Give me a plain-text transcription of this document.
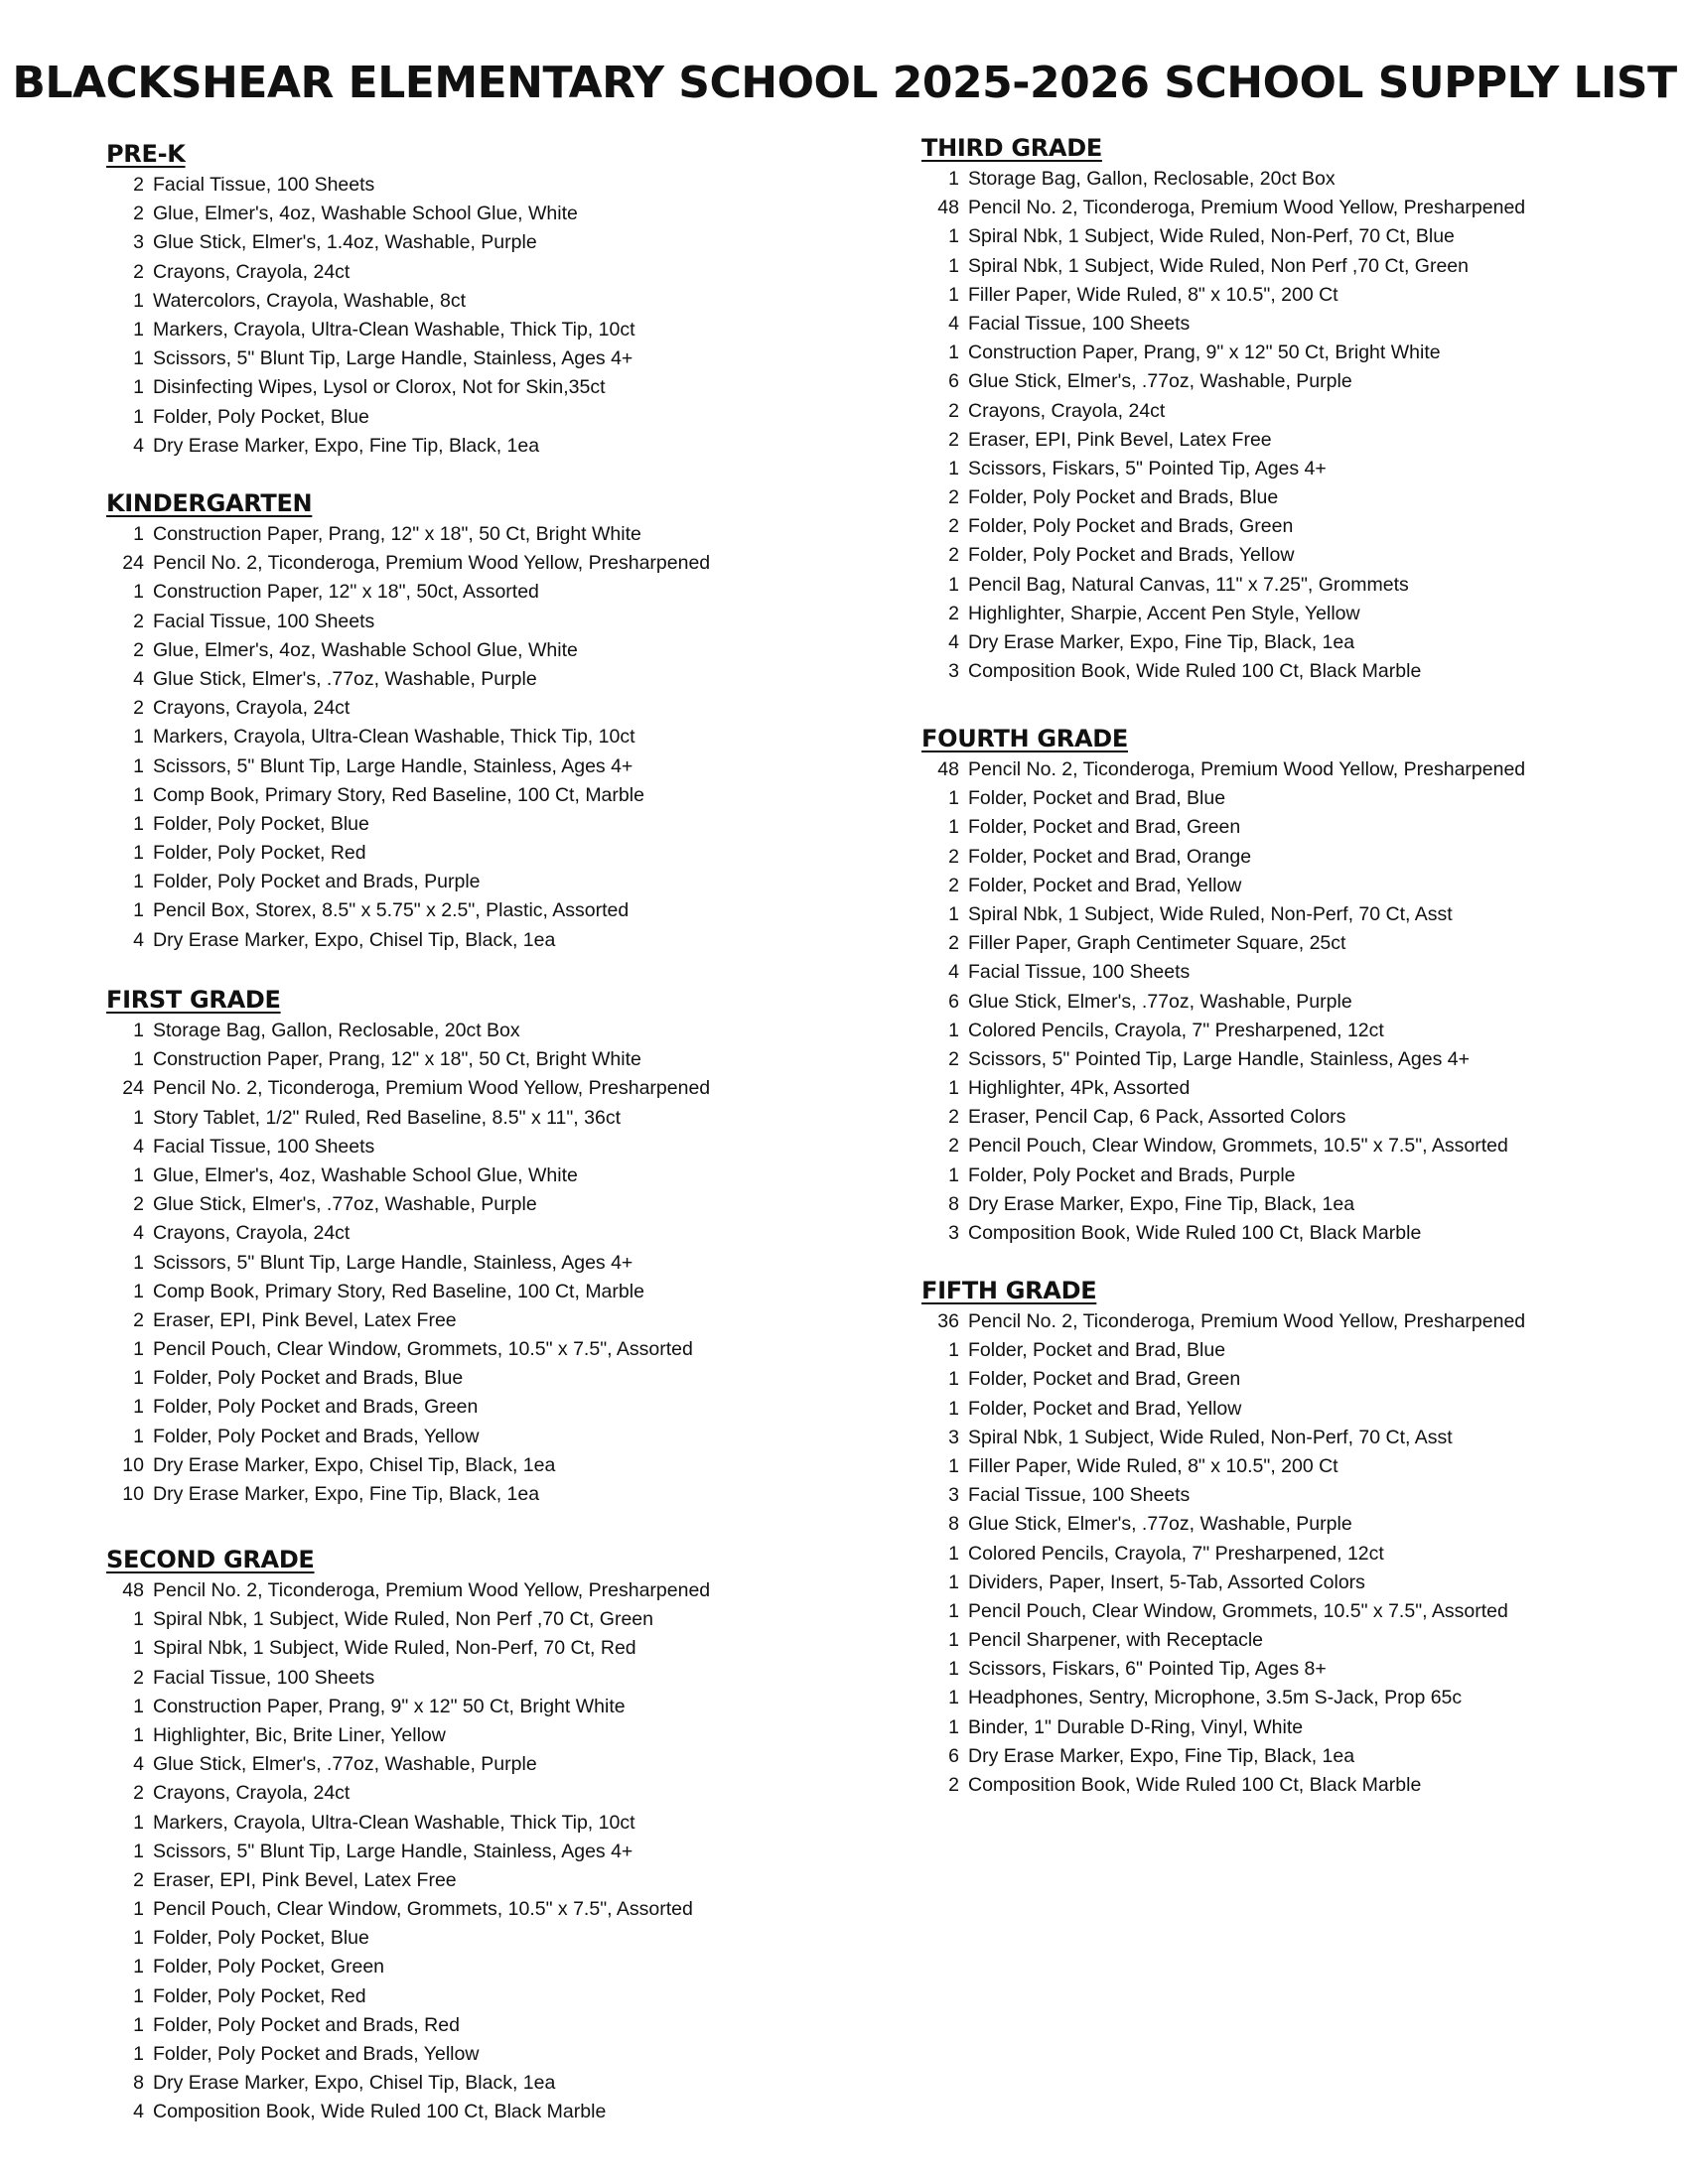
BLACKSHEAR ELEMENTARY SCHOOL 2025-2026 SCHOOL SUPPLY LIST
PRE-K
2 Facial Tissue, 100 Sheets
2 Glue, Elmer's, 4oz, Washable School Glue, White
3 Glue Stick, Elmer's, 1.4oz, Washable, Purple
2 Crayons, Crayola, 24ct
1 Watercolors, Crayola, Washable, 8ct
1 Markers, Crayola, Ultra-Clean Washable, Thick Tip, 10ct
1 Scissors, 5" Blunt Tip, Large Handle, Stainless, Ages 4+
1 Disinfecting Wipes, Lysol or Clorox, Not for Skin,35ct
1 Folder, Poly Pocket, Blue
4 Dry Erase Marker, Expo, Fine Tip, Black, 1ea
KINDERGARTEN
1 Construction Paper, Prang, 12" x 18", 50 Ct, Bright White
24 Pencil No. 2, Ticonderoga, Premium Wood Yellow, Presharpened
1 Construction Paper, 12" x 18", 50ct, Assorted
2 Facial Tissue, 100 Sheets
2 Glue, Elmer's, 4oz, Washable School Glue, White
4 Glue Stick, Elmer's, .77oz, Washable, Purple
2 Crayons, Crayola, 24ct
1 Markers, Crayola, Ultra-Clean Washable, Thick Tip, 10ct
1 Scissors, 5" Blunt Tip, Large Handle, Stainless, Ages 4+
1 Comp Book, Primary Story, Red Baseline, 100 Ct, Marble
1 Folder, Poly Pocket, Blue
1 Folder, Poly Pocket, Red
1 Folder, Poly Pocket and Brads, Purple
1 Pencil Box, Storex, 8.5" x 5.75" x 2.5", Plastic, Assorted
4 Dry Erase Marker, Expo, Chisel Tip, Black, 1ea
FIRST GRADE
1 Storage Bag, Gallon, Reclosable, 20ct Box
1 Construction Paper, Prang, 12" x 18", 50 Ct, Bright White
24 Pencil No. 2, Ticonderoga, Premium Wood Yellow, Presharpened
1 Story Tablet, 1/2" Ruled, Red Baseline, 8.5" x 11", 36ct
4 Facial Tissue, 100 Sheets
1 Glue, Elmer's, 4oz, Washable School Glue, White
2 Glue Stick, Elmer's, .77oz, Washable, Purple
4 Crayons, Crayola, 24ct
1 Scissors, 5" Blunt Tip, Large Handle, Stainless, Ages 4+
1 Comp Book, Primary Story, Red Baseline, 100 Ct, Marble
2 Eraser, EPI, Pink Bevel, Latex Free
1 Pencil Pouch, Clear Window, Grommets, 10.5" x 7.5", Assorted
1 Folder, Poly Pocket and Brads, Blue
1 Folder, Poly Pocket and Brads, Green
1 Folder, Poly Pocket and Brads, Yellow
10 Dry Erase Marker, Expo, Chisel Tip, Black, 1ea
10 Dry Erase Marker, Expo, Fine Tip, Black, 1ea
SECOND GRADE
48 Pencil No. 2, Ticonderoga, Premium Wood Yellow, Presharpened
1 Spiral Nbk, 1 Subject, Wide Ruled, Non Perf ,70 Ct, Green
1 Spiral Nbk, 1 Subject, Wide Ruled, Non-Perf, 70 Ct, Red
2 Facial Tissue, 100 Sheets
1 Construction Paper, Prang, 9" x 12" 50 Ct, Bright White
1 Highlighter, Bic, Brite Liner, Yellow
4 Glue Stick, Elmer's, .77oz, Washable, Purple
2 Crayons, Crayola, 24ct
1 Markers, Crayola, Ultra-Clean Washable, Thick Tip, 10ct
1 Scissors, 5" Blunt Tip, Large Handle, Stainless, Ages 4+
2 Eraser, EPI, Pink Bevel, Latex Free
1 Pencil Pouch, Clear Window, Grommets, 10.5" x 7.5", Assorted
1 Folder, Poly Pocket, Blue
1 Folder, Poly Pocket, Green
1 Folder, Poly Pocket, Red
1 Folder, Poly Pocket and Brads, Red
1 Folder, Poly Pocket and Brads, Yellow
8 Dry Erase Marker, Expo, Chisel Tip, Black, 1ea
4 Composition Book, Wide Ruled 100 Ct, Black Marble
THIRD GRADE
1 Storage Bag, Gallon, Reclosable, 20ct Box
48 Pencil No. 2, Ticonderoga, Premium Wood Yellow, Presharpened
1 Spiral Nbk, 1 Subject, Wide Ruled, Non-Perf, 70 Ct, Blue
1 Spiral Nbk, 1 Subject, Wide Ruled, Non Perf ,70 Ct, Green
1 Filler Paper, Wide Ruled, 8" x 10.5", 200 Ct
4 Facial Tissue, 100 Sheets
1 Construction Paper, Prang, 9" x 12" 50 Ct, Bright White
6 Glue Stick, Elmer's, .77oz, Washable, Purple
2 Crayons, Crayola, 24ct
2 Eraser, EPI, Pink Bevel, Latex Free
1 Scissors, Fiskars, 5" Pointed Tip, Ages 4+
2 Folder, Poly Pocket and Brads, Blue
2 Folder, Poly Pocket and Brads, Green
2 Folder, Poly Pocket and Brads, Yellow
1 Pencil Bag, Natural Canvas, 11" x 7.25", Grommets
2 Highlighter, Sharpie, Accent Pen Style, Yellow
4 Dry Erase Marker, Expo, Fine Tip, Black, 1ea
3 Composition Book, Wide Ruled 100 Ct, Black Marble
FOURTH GRADE
48 Pencil No. 2, Ticonderoga, Premium Wood Yellow, Presharpened
1 Folder, Pocket and Brad, Blue
1 Folder, Pocket and Brad, Green
2 Folder, Pocket and Brad, Orange
2 Folder, Pocket and Brad, Yellow
1 Spiral Nbk, 1 Subject, Wide Ruled, Non-Perf, 70 Ct, Asst
2 Filler Paper, Graph Centimeter Square, 25ct
4 Facial Tissue, 100 Sheets
6 Glue Stick, Elmer's, .77oz, Washable, Purple
1 Colored Pencils, Crayola, 7" Presharpened, 12ct
2 Scissors, 5" Pointed Tip, Large Handle, Stainless, Ages 4+
1 Highlighter, 4Pk, Assorted
2 Eraser, Pencil Cap, 6 Pack, Assorted Colors
2 Pencil Pouch, Clear Window, Grommets, 10.5" x 7.5", Assorted
1 Folder, Poly Pocket and Brads, Purple
8 Dry Erase Marker, Expo, Fine Tip, Black, 1ea
3 Composition Book, Wide Ruled 100 Ct, Black Marble
FIFTH GRADE
36 Pencil No. 2, Ticonderoga, Premium Wood Yellow, Presharpened
1 Folder, Pocket and Brad, Blue
1 Folder, Pocket and Brad, Green
1 Folder, Pocket and Brad, Yellow
3 Spiral Nbk, 1 Subject, Wide Ruled, Non-Perf, 70 Ct, Asst
1 Filler Paper, Wide Ruled, 8" x 10.5", 200 Ct
3 Facial Tissue, 100 Sheets
8 Glue Stick, Elmer's, .77oz, Washable, Purple
1 Colored Pencils, Crayola, 7" Presharpened, 12ct
1 Dividers, Paper, Insert, 5-Tab, Assorted Colors
1 Pencil Pouch, Clear Window, Grommets, 10.5" x 7.5", Assorted
1 Pencil Sharpener, with Receptacle
1 Scissors, Fiskars, 6" Pointed Tip, Ages 8+
1 Headphones, Sentry, Microphone, 3.5m S-Jack, Prop 65c
1 Binder, 1" Durable D-Ring, Vinyl, White
6 Dry Erase Marker, Expo, Fine Tip, Black, 1ea
2 Composition Book, Wide Ruled 100 Ct, Black Marble
